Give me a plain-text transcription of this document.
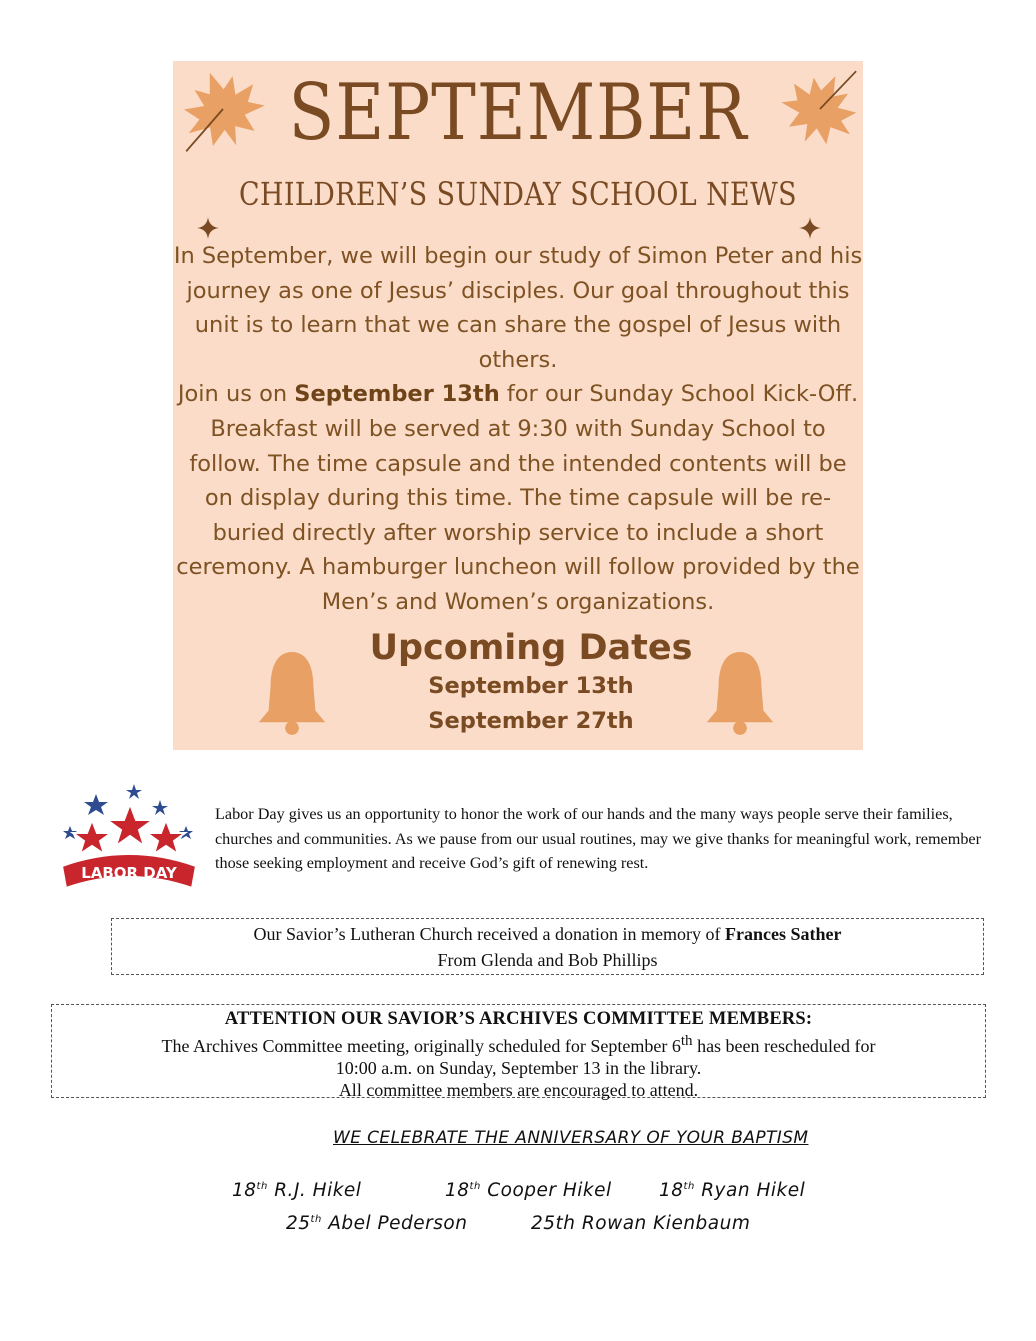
SEPTEMBER
CHILDREN’S SUNDAY SCHOOL NEWS

In September, we will begin our study of Simon Peter and his journey as one of Jesus’ disciples. Our goal throughout this unit is to learn that we can share the gospel of Jesus with others.

Join us on September 13th for our Sunday School Kick-Off. Breakfast will be served at 9:30 with Sunday School to follow. The time capsule and the intended contents will be on display during this time. The time capsule will be re-buried directly after worship service to include a short ceremony. A hamburger luncheon will follow provided by the Men’s and Women’s organizations.

Upcoming Dates
September 13th
September 27th
LABOR DAY
Labor Day gives us an opportunity to honor the work of our hands and the many ways people serve their families, churches and communities. As we pause from our usual routines, may we give thanks for meaningful work, remember those seeking employment and receive God’s gift of renewing rest.
Our Savior’s Lutheran Church received a donation in memory of Frances Sather
From Glenda and Bob Phillips
ATTENTION OUR SAVIOR’S ARCHIVES COMMITTEE MEMBERS:
The Archives Committee meeting, originally scheduled for September 6th has been rescheduled for
10:00 a.m. on Sunday, September 13 in the library.
All committee members are encouraged to attend.
WE CELEBRATE THE ANNIVERSARY OF YOUR BAPTISM
18th R.J. Hikel	18th Cooper Hikel	18th Ryan Hikel
25th Abel Pederson	25th Rowan Kienbaum
